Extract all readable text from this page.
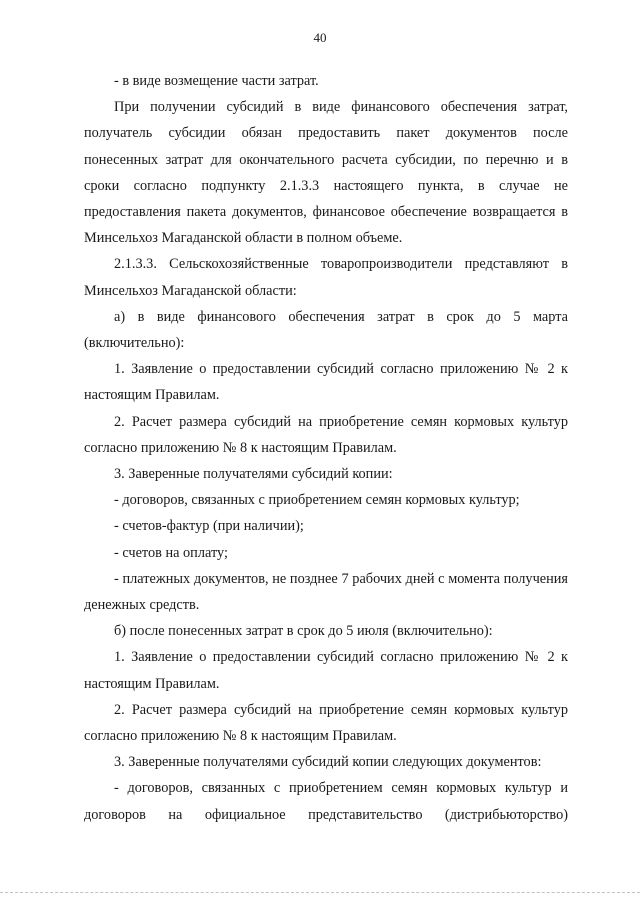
40

- в виде возмещение части затрат.

При получении субсидий в виде финансового обеспечения затрат, получатель субсидии обязан предоставить пакет документов после понесенных затрат для окончательного расчета субсидии, по перечню и в сроки согласно подпункту 2.1.3.3 настоящего пункта, в случае не предоставления пакета документов, финансовое обеспечение возвращается в Минсельхоз Магаданской области в полном объеме.

2.1.3.3. Сельскохозяйственные товаропроизводители представляют в Минсельхоз Магаданской области:

а) в виде финансового обеспечения затрат в срок до 5 марта (включительно):

1. Заявление о предоставлении субсидий согласно приложению № 2 к настоящим Правилам.

2. Расчет размера субсидий на приобретение семян кормовых культур согласно приложению № 8 к настоящим Правилам.

3. Заверенные получателями субсидий копии:

- договоров, связанных с приобретением семян кормовых культур;

- счетов-фактур (при наличии);

- счетов на оплату;

- платежных документов, не позднее 7 рабочих дней с момента получения денежных средств.

б) после понесенных затрат в срок до 5 июля (включительно):

1. Заявление о предоставлении субсидий согласно приложению № 2 к настоящим Правилам.

2. Расчет размера субсидий на приобретение семян кормовых культур согласно приложению № 8 к настоящим Правилам.

3. Заверенные получателями субсидий копии следующих документов:

- договоров, связанных с приобретением семян кормовых культур и договоров на официальное представительство (дистрибьюторство)
